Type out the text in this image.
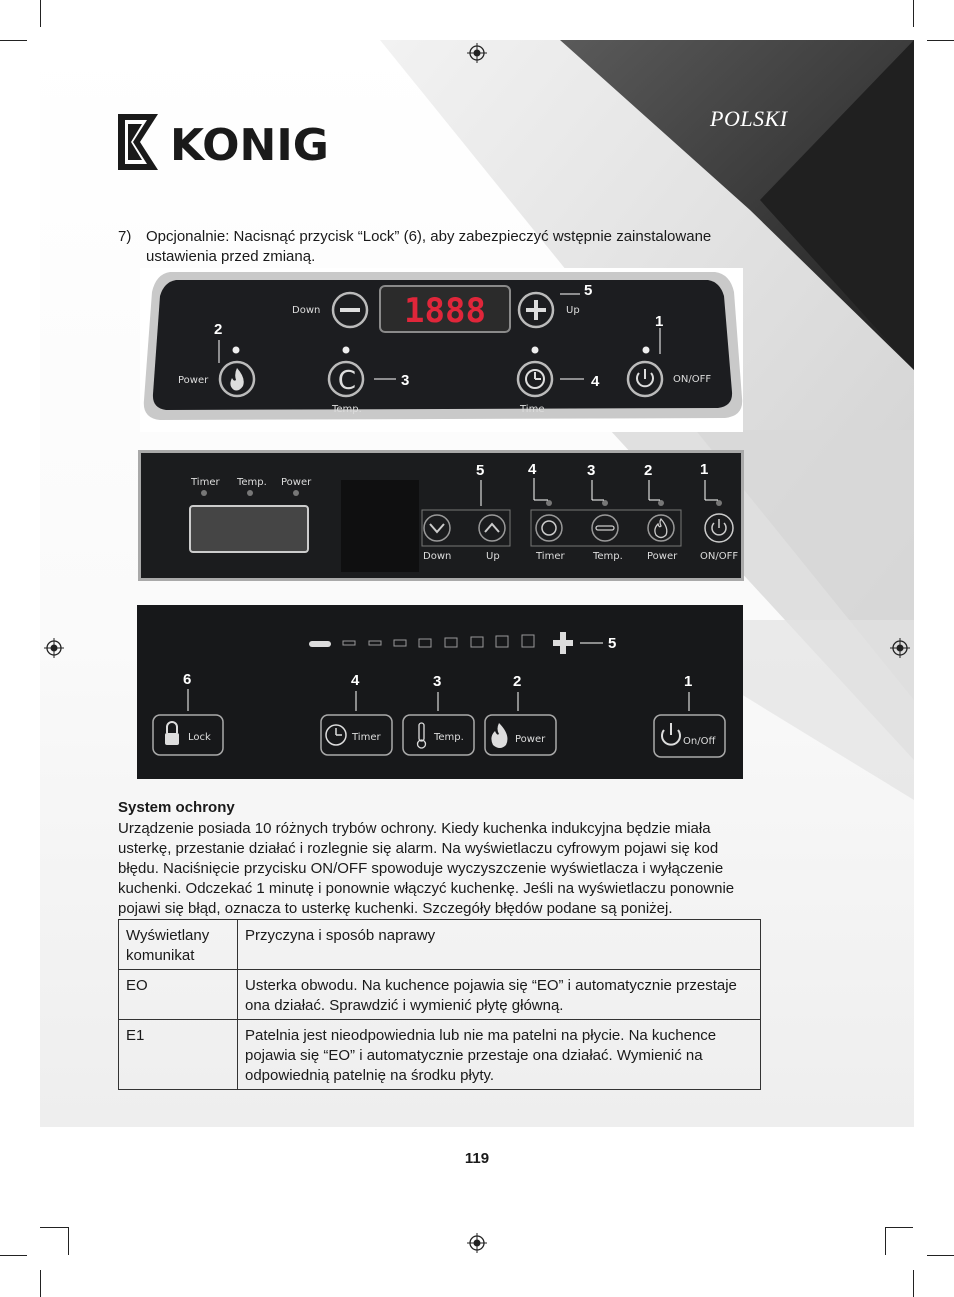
KONIG
POLSKI
7) Opcjonalnie: Nacisnąć przycisk “Lock” (6), aby zabezpieczyć wstępnie zainstalowane ustawienia przed zmianą.
1888
Down	Up
Power	C
Temp.	Time
ON/OFF
2
3	4
5
1
Timer Temp. Power
Down	Up	Timer	Temp. Power ON/OFF
5	4	3	2	1
5
Lock	Timer	Temp.	Power	On/Off
6	4	3	2	1
System ochrony
Urządzenie posiada 10 różnych trybów ochrony. Kiedy kuchenka indukcyjna będzie miała usterkę, przestanie działać i rozlegnie się alarm. Na wyświetlaczu cyfrowym pojawi się kod błędu. Naciśnięcie przycisku ON/OFF spowoduje wyczyszczenie wyświetlacza i wyłączenie kuchenki. Odczekać 1 minutę i ponownie włączyć kuchenkę. Jeśli na wyświetlaczu ponownie pojawi się błąd, oznacza to usterkę kuchenki. Szczegóły błędów podane są poniżej.
Wyświetlany komunikat	Przyczyna i sposób naprawy
EO	Usterka obwodu. Na kuchence pojawia się “EO” i automatycznie przestaje ona działać. Sprawdzić i wymienić płytę główną.
E1	Patelnia jest nieodpowiednia lub nie ma patelni na płycie. Na kuchence pojawia się “EO” i automatycznie przestaje ona działać. Wymienić na odpowiednią patelnię na środku płyty.
119
